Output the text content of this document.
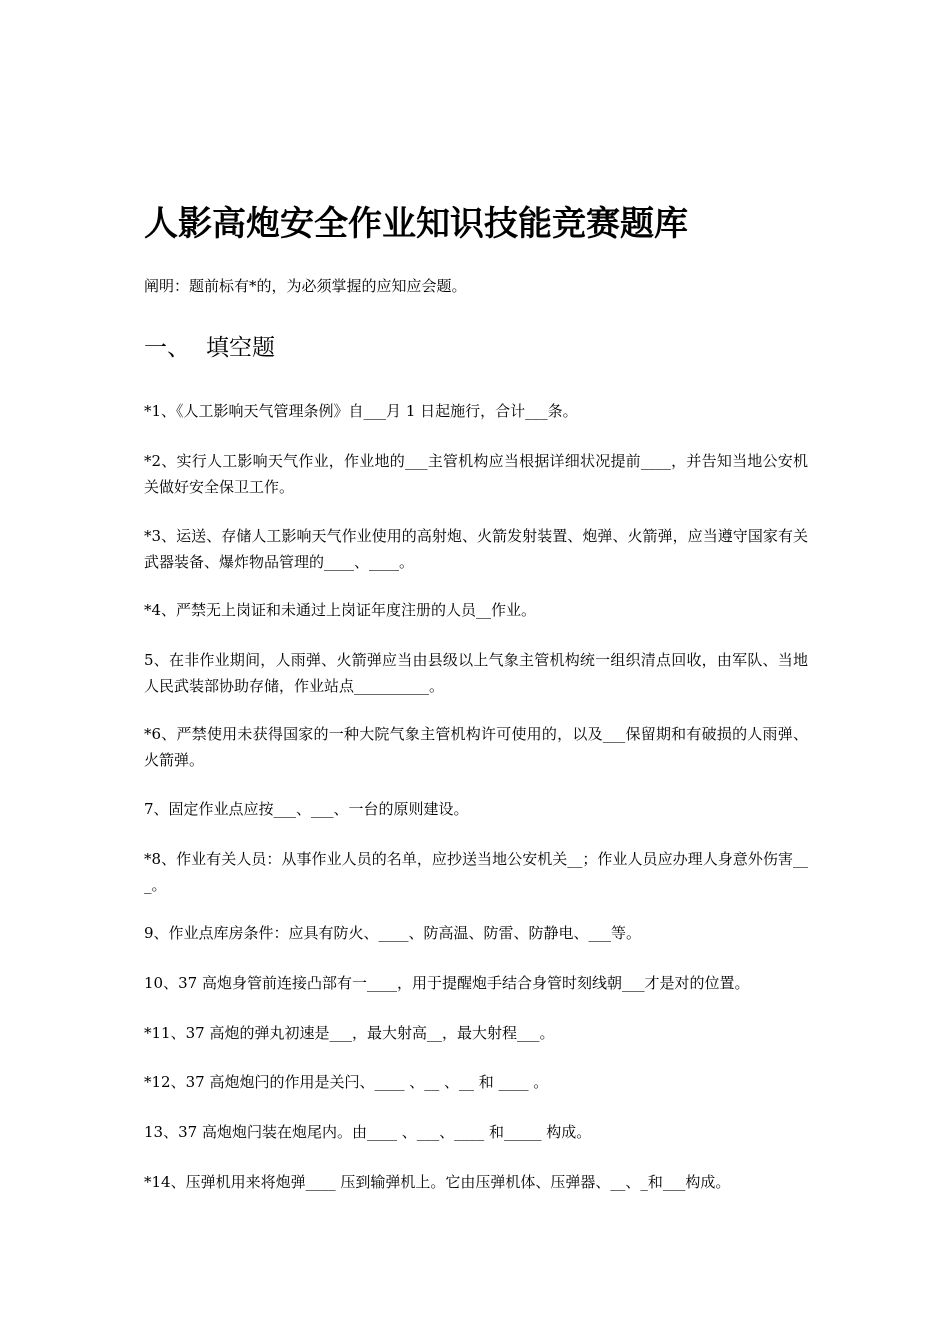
人影高炮安全作业知识技能竞赛题库

阐明：题前标有*的，为必须掌握的应知应会题。

一、 填空题

*1、《人工影响天气管理条例》自___月 1 日起施行，合计___条。

*2、实行人工影响天气作业，作业地的___主管机构应当根据详细状况提前____，并告知当地公安机关做好安全保卫工作。

*3、运送、存储人工影响天气作业使用的高射炮、火箭发射装置、炮弹、火箭弹，应当遵守国家有关武器装备、爆炸物品管理的____、____。

*4、严禁无上岗证和未通过上岗证年度注册的人员__作业。

5、在非作业期间，人雨弹、火箭弹应当由县级以上气象主管机构统一组织清点回收，由军队、当地人民武装部协助存储，作业站点__________。

*6、严禁使用未获得国家的一种大院气象主管机构许可使用的，以及___保留期和有破损的人雨弹、火箭弹。

7、固定作业点应按___、___、一台的原则建设。

*8、作业有关人员：从事作业人员的名单，应抄送当地公安机关__；作业人员应办理人身意外伤害___。

9、作业点库房条件：应具有防火、____、防高温、防雷、防静电、___等。

10、37 高炮身管前连接凸部有一____，用于提醒炮手结合身管时刻线朝___才是对的位置。

*11、37 高炮的弹丸初速是___，最大射高__，最大射程___。

*12、37 高炮炮闩的作用是关闩、____ 、__ 、__ 和 ____ 。

13、37 高炮炮闩装在炮尾内。由____ 、___、____ 和_____ 构成。

*14、压弹机用来将炮弹____ 压到输弹机上。它由压弹机体、压弹器、__、_和___构成。
